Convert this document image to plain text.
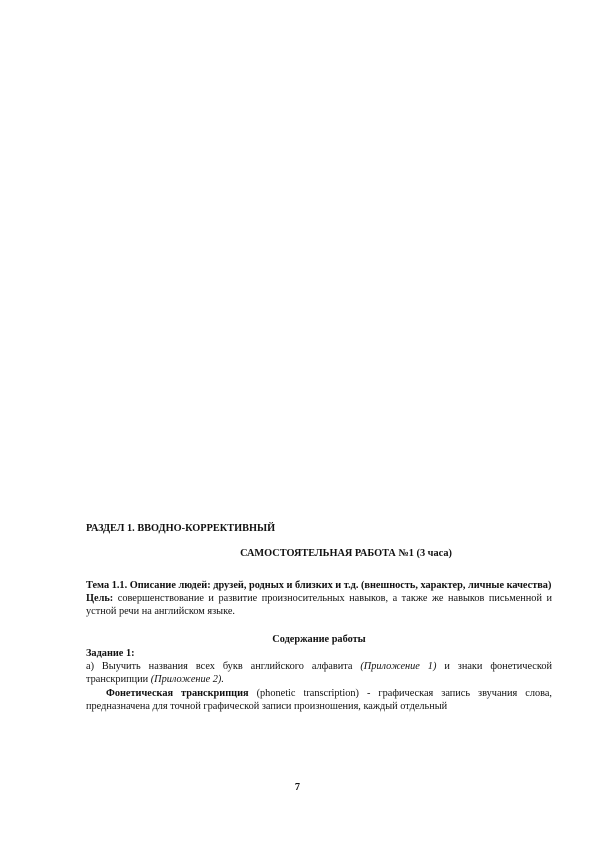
РАЗДЕЛ 1. ВВОДНО-КОРРЕКТИВНЫЙ

САМОСТОЯТЕЛЬНАЯ РАБОТА №1 (3 часа)

Тема 1.1. Описание людей: друзей, родных и близких и т.д. (внешность, характер, личные качества)

Цель: совершенствование и развитие произносительных навыков, а также же навыков письменной и устной речи на английском языке.

Содержание работы

Задание 1:

а) Выучить названия всех букв английского алфавита (Приложение 1) и знаки фонетической транскрипции (Приложение 2).

Фонетическая транскрипция (phonetic transcription) - графическая запись звучания слова, предназначена для точной графической записи произношения, каждый отдельный

7
